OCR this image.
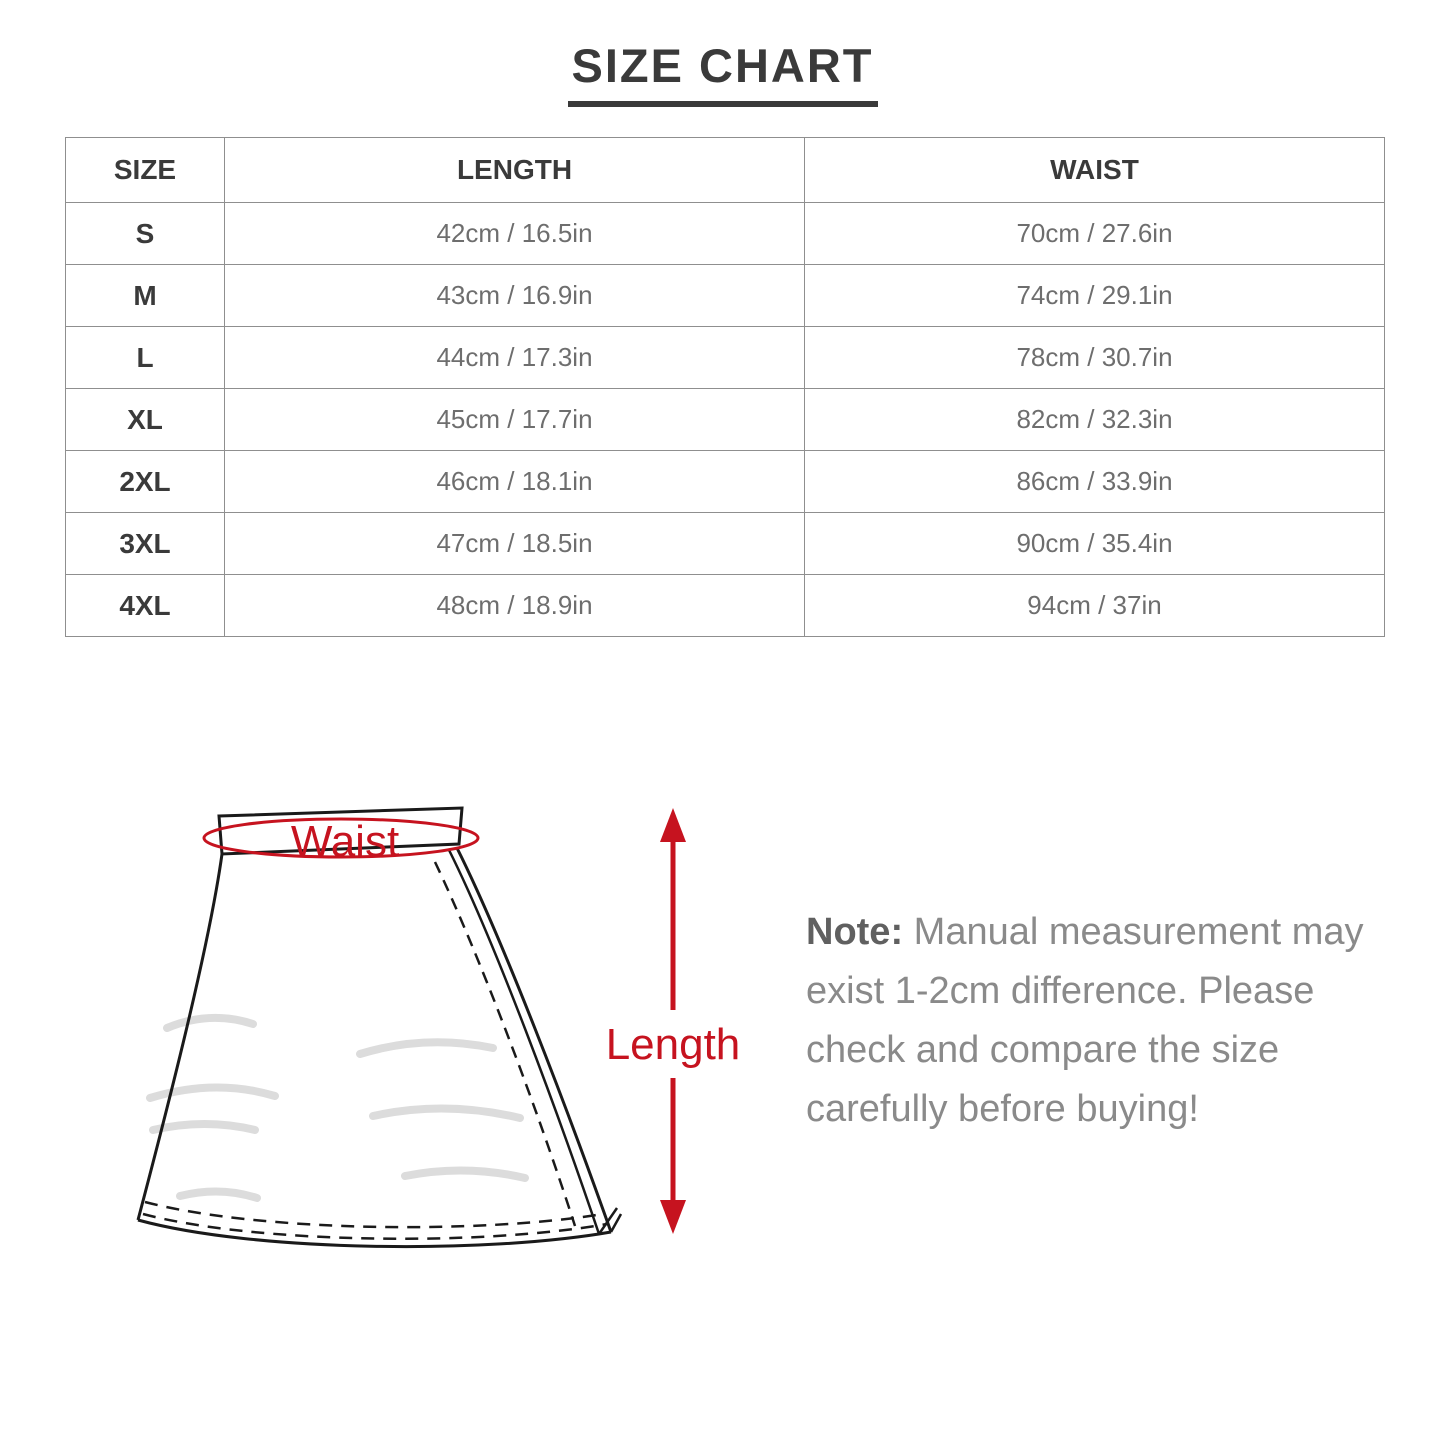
SIZE CHART
SIZE	LENGTH	WAIST
S	42cm / 16.5in	70cm / 27.6in
M	43cm / 16.9in	74cm / 29.1in
L	44cm / 17.3in	78cm / 30.7in
XL	45cm / 17.7in	82cm / 32.3in
2XL	46cm / 18.1in	86cm / 33.9in
3XL	47cm / 18.5in	90cm / 35.4in
4XL	48cm / 18.9in	94cm / 37in
Waist
Length
Note: Manual measurement may exist 1-2cm difference. Please check and compare the size carefully before buying!
